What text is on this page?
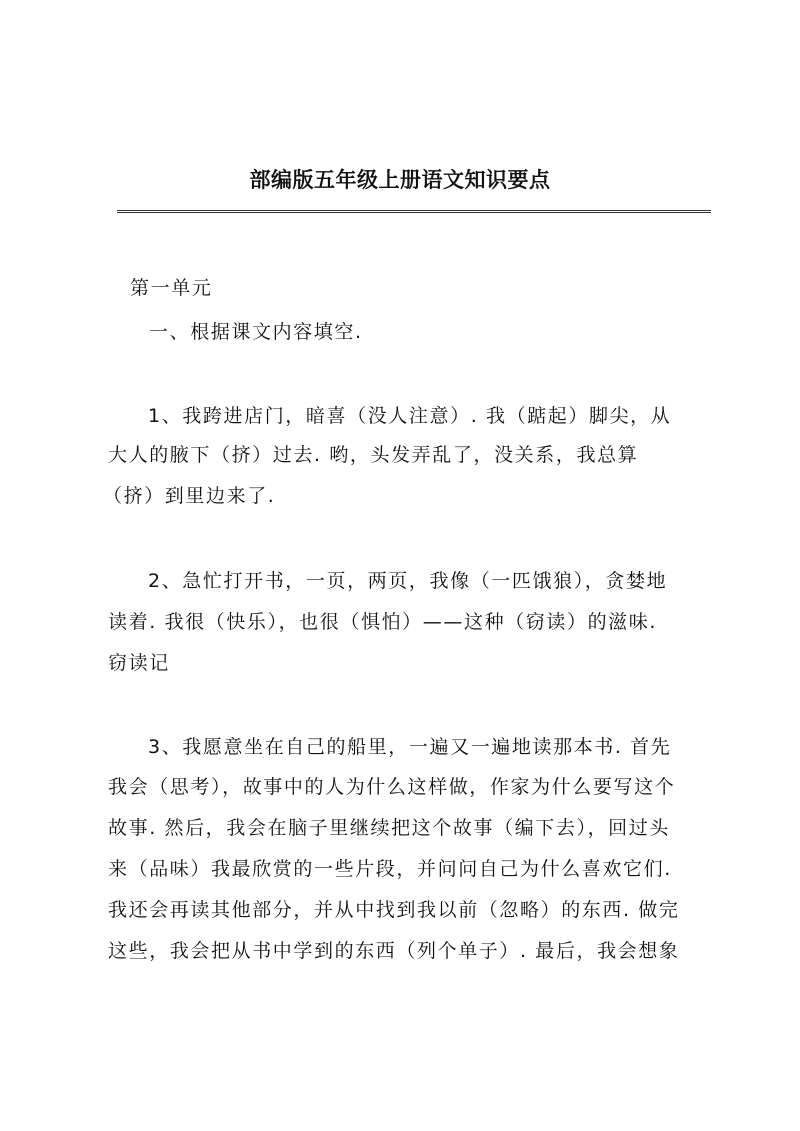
部编版五年级上册语文知识要点
第一单元
一、根据课文内容填空.
1、我跨进店门，暗喜（没人注意）. 我（踮起）脚尖，从
大人的腋下（挤）过去. 哟，头发弄乱了，没关系，我总算
（挤）到里边来了.
2、急忙打开书，一页，两页，我像（一匹饿狼），贪婪地
读着. 我很（快乐），也很（惧怕）——这种（窃读）的滋味.
窃读记
3、我愿意坐在自己的船里，一遍又一遍地读那本书. 首先
我会（思考），故事中的人为什么这样做，作家为什么要写这个
故事. 然后，我会在脑子里继续把这个故事（编下去），回过头
来（品味）我最欣赏的一些片段，并问问自己为什么喜欢它们.
我还会再读其他部分，并从中找到我以前（忽略）的东西. 做完
这些，我会把从书中学到的东西（列个单子）. 最后，我会想象
